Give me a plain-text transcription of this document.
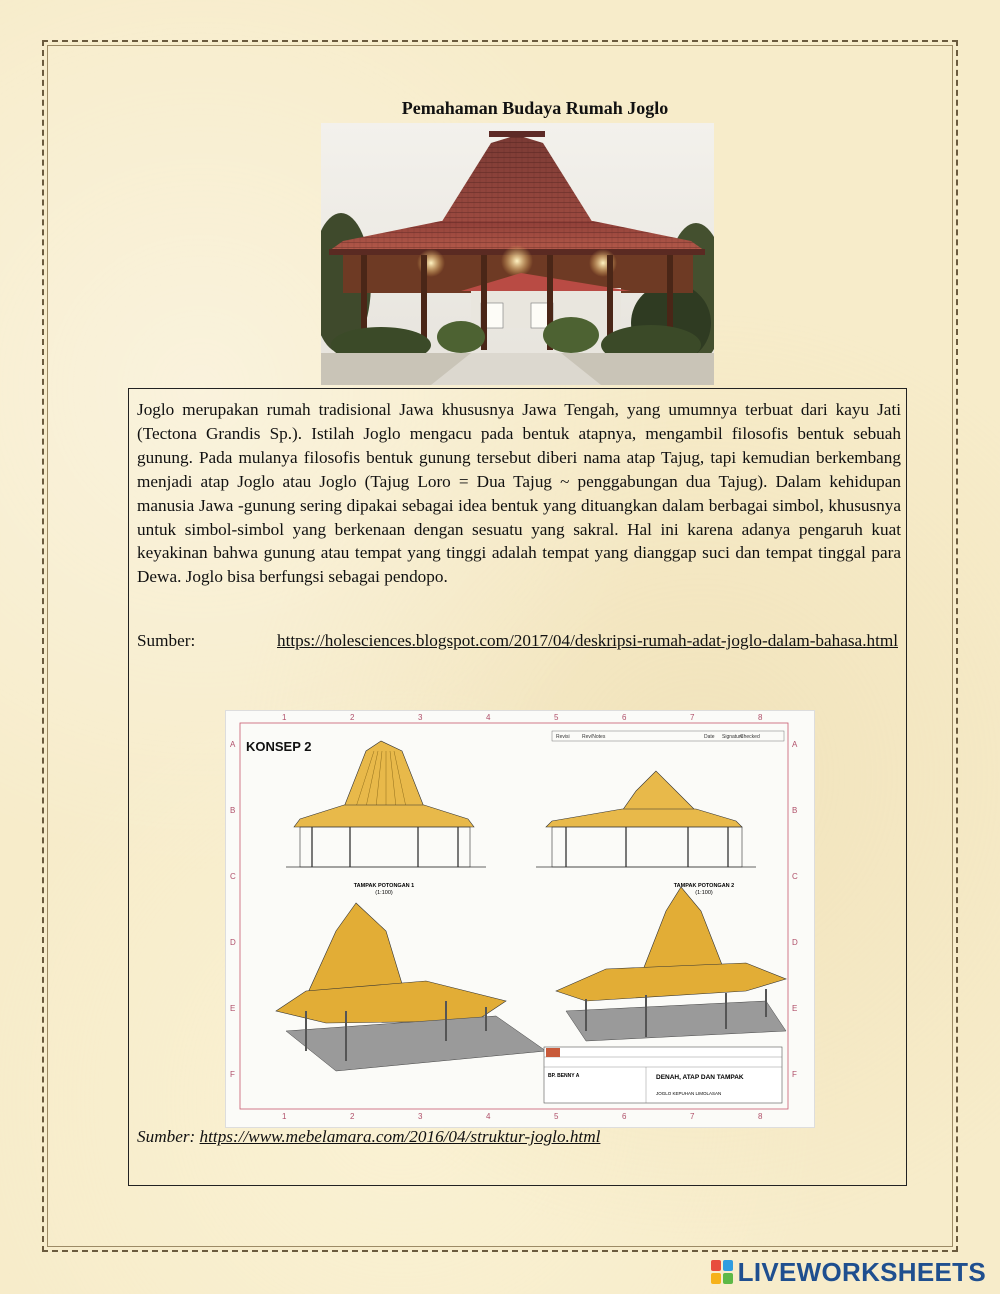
Pemahaman Budaya Rumah Joglo

Joglo merupakan rumah tradisional Jawa khususnya Jawa Tengah, yang umumnya terbuat dari kayu Jati (Tectona Grandis Sp.). Istilah Joglo mengacu pada bentuk atapnya, mengambil filosofis bentuk sebuah gunung. Pada mulanya filosofis bentuk gunung tersebut diberi nama atap Tajug, tapi kemudian berkembang menjadi atap Joglo atau Joglo (Tajug Loro = Dua Tajug ~ penggabungan dua Tajug). Dalam kehidupan manusia Jawa -gunung sering dipakai sebagai idea bentuk yang dituangkan dalam berbagai simbol, khususnya untuk simbol-simbol yang berkenaan dengan sesuatu yang sakral. Hal ini karena adanya pengaruh kuat keyakinan bahwa gunung atau tempat yang tinggi adalah tempat yang dianggap suci dan tempat tinggal para Dewa. Joglo bisa berfungsi sebagai pendopo.

Sumber:	https://holesciences.blogspot.com/2017/04/deskripsi-rumah-adat-joglo-dalam-bahasa.html

1
1
2
2
3
3
4
4
5
5
6
6
7
7
8
8
A	A
B	B
C	C
D	D
E	E
F	F
KONSEP 2
Revisi Rev/Notes	Date Signature
Checked
TAMPAK POTONGAN 1
(1:100)
TAMPAK POTONGAN 2
(1:100)
BP. BENNY A	DENAH, ATAP DAN TAMPAK
JOGLO KEPUHAN LIMOLASAN

Sumber: https://www.mebelamara.com/2016/04/struktur-joglo.html

LIVEWORKSHEETS
